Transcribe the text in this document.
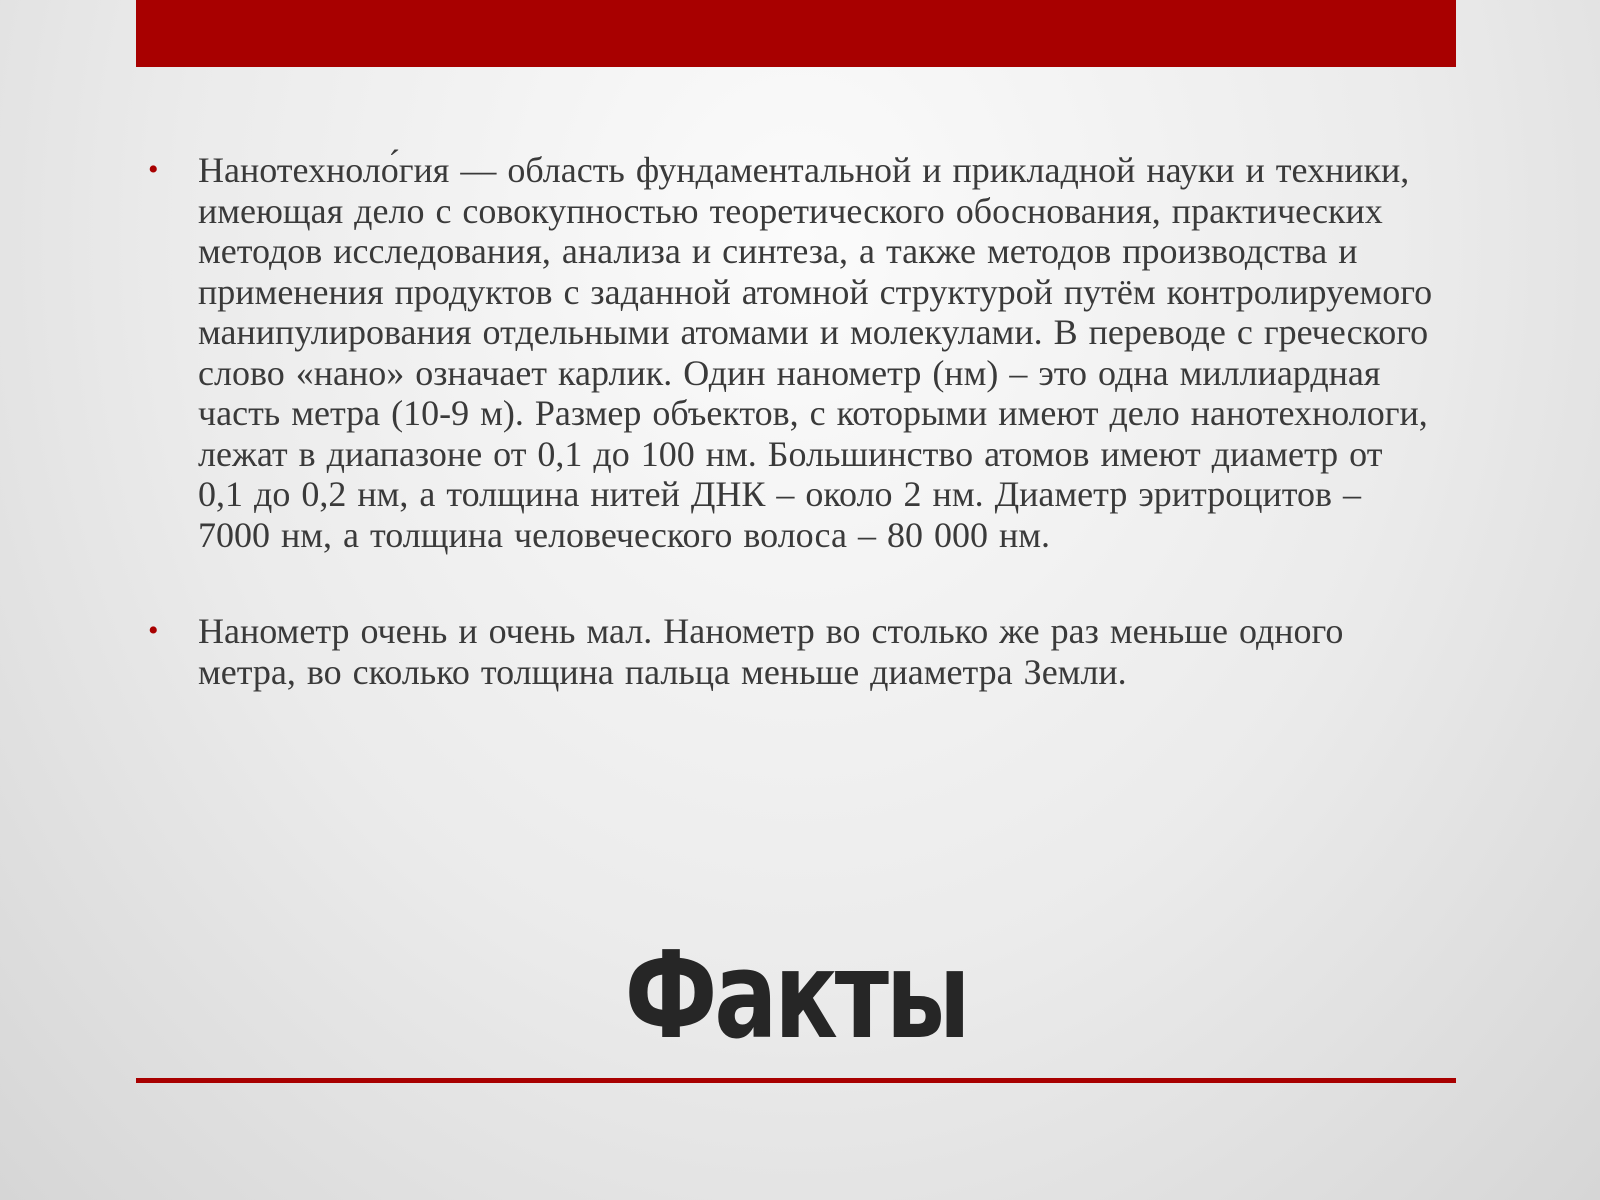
• Нанотехноло́гия — область фундаментальной и прикладной науки и техники, имеющая дело с совокупностью теоретического обоснования, практических методов исследования, анализа и синтеза, а также методов производства и применения продуктов с заданной атомной структурой путём контролируемого манипулирования отдельными атомами и молекулами. В переводе с греческого слово «нано» означает карлик. Один нанометр (нм) – это одна миллиардная часть метра (10-9 м). Размер объектов, с которыми имеют дело нанотехнологи, лежат в диапазоне от 0,1 до 100 нм. Большинство атомов имеют диаметр от 0,1 до 0,2 нм, а толщина нитей ДНК – около 2 нм. Диаметр эритроцитов – 7000 нм, а толщина человеческого волоса – 80 000 нм.
• Нанометр очень и очень мал. Нанометр во столько же раз меньше одного метра, во сколько толщина пальца меньше диаметра Земли.
Факты
